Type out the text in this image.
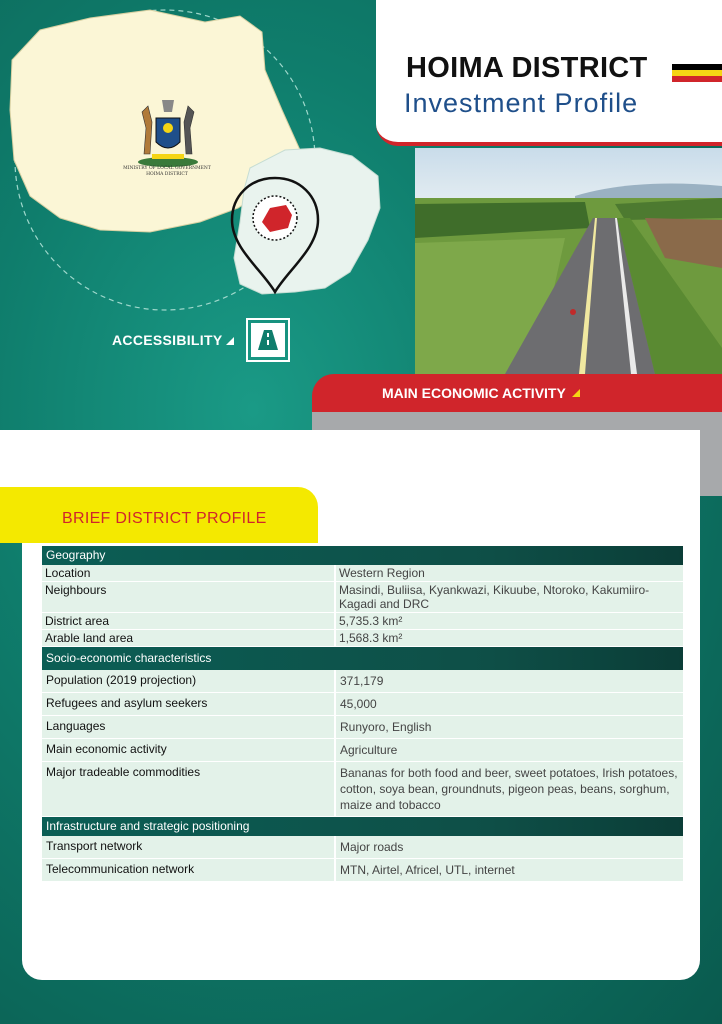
MINISTRY OF LOCAL GOVERNMENT
HOIMA DISTRICT
ACCESSIBILITY
HOIMA DISTRICT
Investment Profile
MAIN ECONOMIC ACTIVITY
BRIEF DISTRICT PROFILE
Geography
Location	Western Region
Neighbours	Masindi, Buliisa, Kyankwazi, Kikuube, Ntoroko, Kakumiiro-Kagadi and DRC
District area	5,735.3 km²
Arable land area	1,568.3 km²
Socio-economic characteristics
Population (2019 projection)	371,179
Refugees and asylum seekers	45,000
Languages	Runyoro, English
Main economic activity	Agriculture
Major tradeable commodities	Bananas for both food and beer, sweet potatoes, Irish potatoes, cotton, soya bean, groundnuts, pigeon peas, beans, sorghum, maize and tobacco
Infrastructure and strategic positioning
Transport network	Major roads
Telecommunication network	MTN, Airtel, Africel, UTL, internet
